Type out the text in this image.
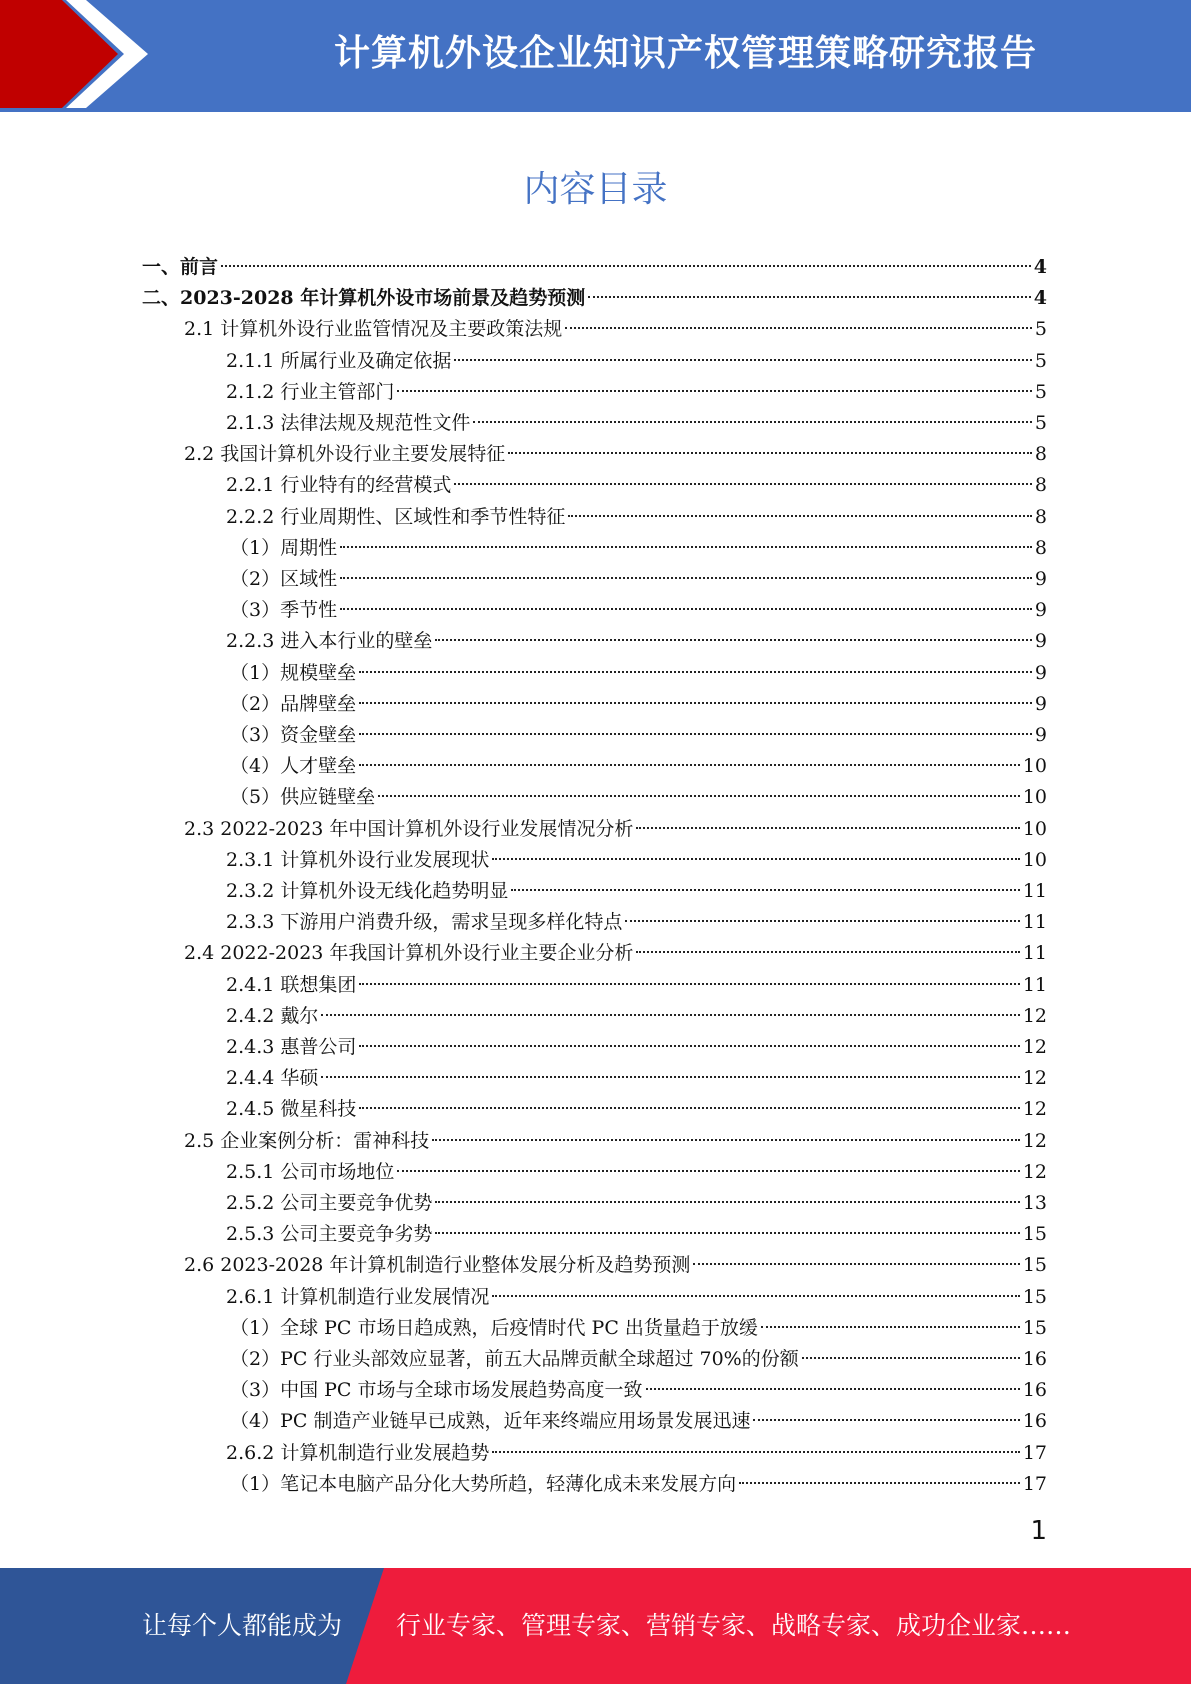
计算机外设企业知识产权管理策略研究报告
内容目录
一、前言	4
二、2023-2028 年计算机外设市场前景及趋势预测	4
2.1 计算机外设行业监管情况及主要政策法规	5
2.1.1 所属行业及确定依据	5
2.1.2 行业主管部门	5
2.1.3 法律法规及规范性文件	5
2.2 我国计算机外设行业主要发展特征	8
2.2.1 行业特有的经营模式	8
2.2.2 行业周期性、区域性和季节性特征	8
（1）周期性	8
（2）区域性	9
（3）季节性	9
2.2.3 进入本行业的壁垒	9
（1）规模壁垒	9
（2）品牌壁垒	9
（3）资金壁垒	9
（4）人才壁垒	10
（5）供应链壁垒	10
2.3 2022-2023 年中国计算机外设行业发展情况分析	10
2.3.1 计算机外设行业发展现状	10
2.3.2 计算机外设无线化趋势明显	11
2.3.3 下游用户消费升级，需求呈现多样化特点	11
2.4 2022-2023 年我国计算机外设行业主要企业分析	11
2.4.1 联想集团	11
2.4.2 戴尔	12
2.4.3 惠普公司	12
2.4.4 华硕	12
2.4.5 微星科技	12
2.5 企业案例分析：雷神科技	12
2.5.1 公司市场地位	12
2.5.2 公司主要竞争优势	13
2.5.3 公司主要竞争劣势	15
2.6 2023-2028 年计算机制造行业整体发展分析及趋势预测	15
2.6.1 计算机制造行业发展情况	15
（1）全球 PC 市场日趋成熟，后疫情时代 PC 出货量趋于放缓	15
（2）PC 行业头部效应显著，前五大品牌贡献全球超过 70%的份额	16
（3）中国 PC 市场与全球市场发展趋势高度一致	16
（4）PC 制造产业链早已成熟，近年来终端应用场景发展迅速	16
2.6.2 计算机制造行业发展趋势	17
（1）笔记本电脑产品分化大势所趋，轻薄化成未来发展方向	17
1
让每个人都能成为 行业专家、管理专家、营销专家、战略专家、成功企业家……
